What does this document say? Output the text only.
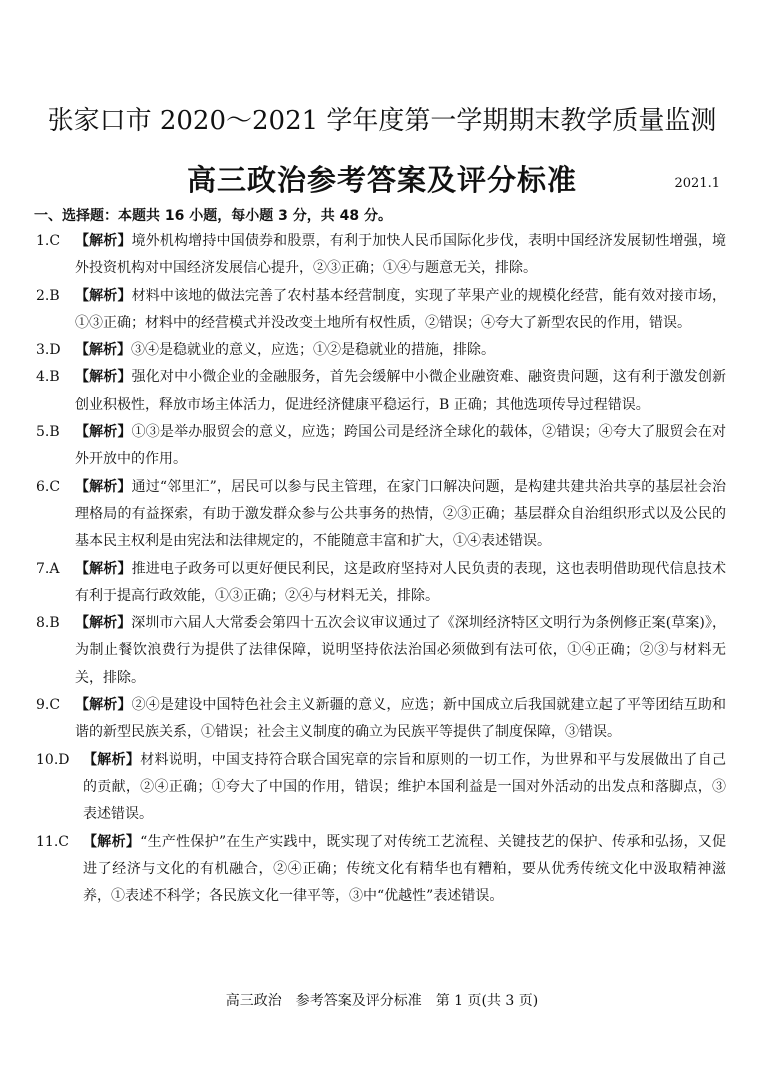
张家口市 2020～2021 学年度第一学期期末教学质量监测
高三政治参考答案及评分标准	2021.1
一、选择题：本题共 16 小题，每小题 3 分，共 48 分。

1.C 【解析】境外机构增持中国债券和股票，有利于加快人民币国际化步伐，表明中国经济发展韧性增强，境外投资机构对中国经济发展信心提升，②③正确；①④与题意无关，排除。

2.B 【解析】材料中该地的做法完善了农村基本经营制度，实现了苹果产业的规模化经营，能有效对接市场，①③正确；材料中的经营模式并没改变土地所有权性质，②错误；④夸大了新型农民的作用，错误。

3.D 【解析】③④是稳就业的意义，应选；①②是稳就业的措施，排除。

4.B 【解析】强化对中小微企业的金融服务，首先会缓解中小微企业融资难、融资贵问题，这有利于激发创新创业积极性，释放市场主体活力，促进经济健康平稳运行，B 正确；其他选项传导过程错误。

5.B 【解析】①③是举办服贸会的意义，应选；跨国公司是经济全球化的载体，②错误；④夸大了服贸会在对外开放中的作用。

6.C 【解析】通过“邻里汇”，居民可以参与民主管理，在家门口解决问题，是构建共建共治共享的基层社会治理格局的有益探索，有助于激发群众参与公共事务的热情，②③正确；基层群众自治组织形式以及公民的基本民主权利是由宪法和法律规定的，不能随意丰富和扩大，①④表述错误。

7.A 【解析】推进电子政务可以更好便民利民，这是政府坚持对人民负责的表现，这也表明借助现代信息技术有利于提高行政效能，①③正确；②④与材料无关，排除。

8.B 【解析】深圳市六届人大常委会第四十五次会议审议通过了《深圳经济特区文明行为条例修正案(草案)》，为制止餐饮浪费行为提供了法律保障，说明坚持依法治国必须做到有法可依，①④正确；②③与材料无关，排除。

9.C 【解析】②④是建设中国特色社会主义新疆的意义，应选；新中国成立后我国就建立起了平等团结互助和谐的新型民族关系，①错误；社会主义制度的确立为民族平等提供了制度保障，③错误。

10.D 【解析】材料说明，中国支持符合联合国宪章的宗旨和原则的一切工作，为世界和平与发展做出了自己的贡献，②④正确；①夸大了中国的作用，错误；维护本国利益是一国对外活动的出发点和落脚点，③表述错误。

11.C 【解析】“生产性保护”在生产实践中，既实现了对传统工艺流程、关键技艺的保护、传承和弘扬，又促进了经济与文化的有机融合，②④正确；传统文化有精华也有糟粕，要从优秀传统文化中汲取精神滋养，①表述不科学；各民族文化一律平等，③中“优越性”表述错误。

高三政治　参考答案及评分标准　第 1 页(共 3 页)
